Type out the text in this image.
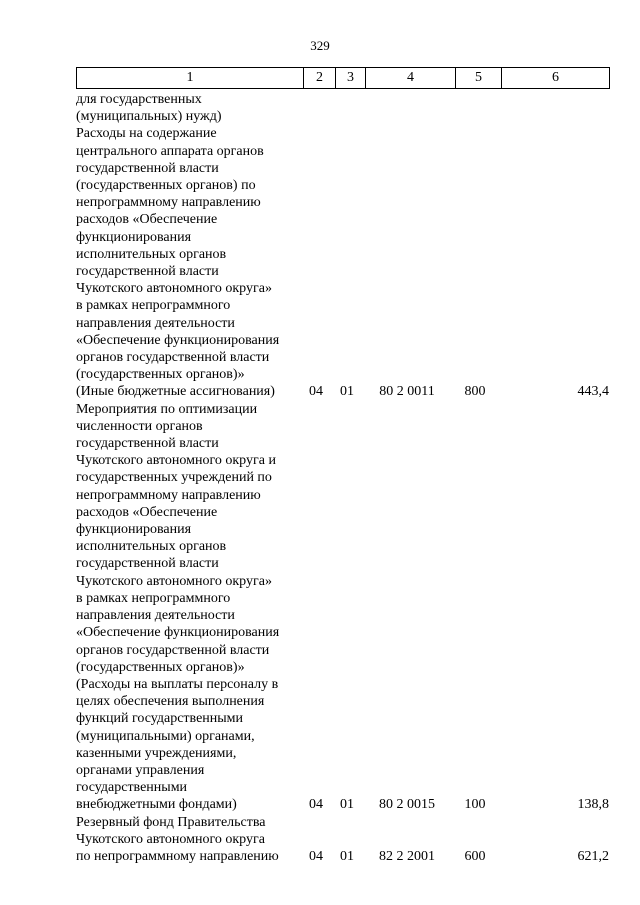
329
1	2	3	4	5	6
для государственных
(муниципальных) нужд)
Расходы на содержание
центрального аппарата органов
государственной власти
(государственных органов) по
непрограммному направлению
расходов «Обеспечение
функционирования
исполнительных органов
государственной власти
Чукотского автономного округа»
в рамках непрограммного
направления деятельности
«Обеспечение функционирования
органов государственной власти
(государственных органов)»
(Иные бюджетные ассигнования)	04	01	80 2 0011	800	443,4
Мероприятия по оптимизации
численности органов
государственной власти
Чукотского автономного округа и
государственных учреждений по
непрограммному направлению
расходов «Обеспечение
функционирования
исполнительных органов
государственной власти
Чукотского автономного округа»
в рамках непрограммного
направления деятельности
«Обеспечение функционирования
органов государственной власти
(государственных органов)»
(Расходы на выплаты персоналу в
целях обеспечения выполнения
функций государственными
(муниципальными) органами,
казенными учреждениями,
органами управления
государственными
внебюджетными фондами)	04	01	80 2 0015	100	138,8
Резервный фонд Правительства
Чукотского автономного округа
по непрограммному направлению	04	01	82 2 2001	600	621,2
